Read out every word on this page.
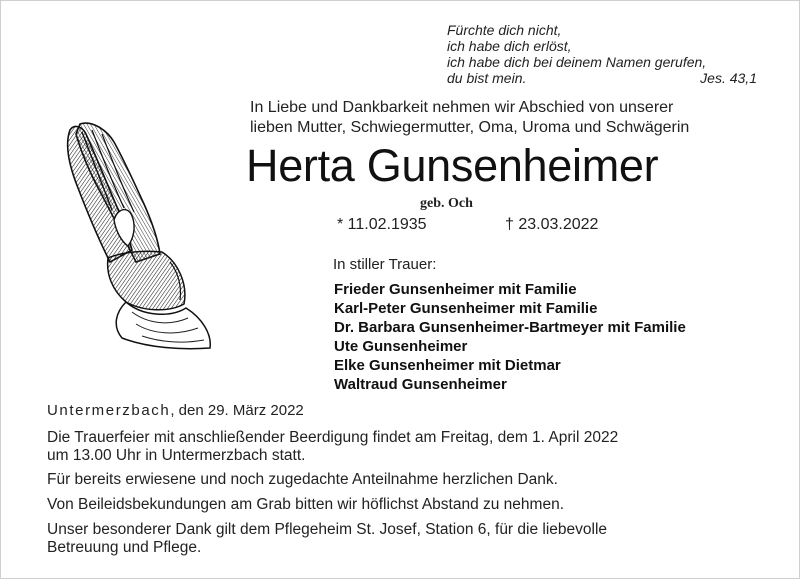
Fürchte dich nicht,
ich habe dich erlöst,
ich habe dich bei deinem Namen gerufen,
du bist mein.	Jes. 43,1
In Liebe und Dankbarkeit nehmen wir Abschied von unserer
lieben Mutter, Schwiegermutter, Oma, Uroma und Schwägerin
Herta Gunsenheimer
geb. Och
* 11.02.1935	† 23.03.2022
In stiller Trauer:
Frieder Gunsenheimer mit Familie
Karl-Peter Gunsenheimer mit Familie
Dr. Barbara Gunsenheimer-Bartmeyer mit Familie
Ute Gunsenheimer
Elke Gunsenheimer mit Dietmar
Waltraud Gunsenheimer
Untermerzbach, den 29. März 2022
Die Trauerfeier mit anschließender Beerdigung findet am Freitag, dem 1. April 2022
um 13.00 Uhr in Untermerzbach statt.
Für bereits erwiesene und noch zugedachte Anteilnahme herzlichen Dank.
Von Beileidsbekundungen am Grab bitten wir höflichst Abstand zu nehmen.
Unser besonderer Dank gilt dem Pflegeheim St. Josef, Station 6, für die liebevolle
Betreuung und Pflege.
